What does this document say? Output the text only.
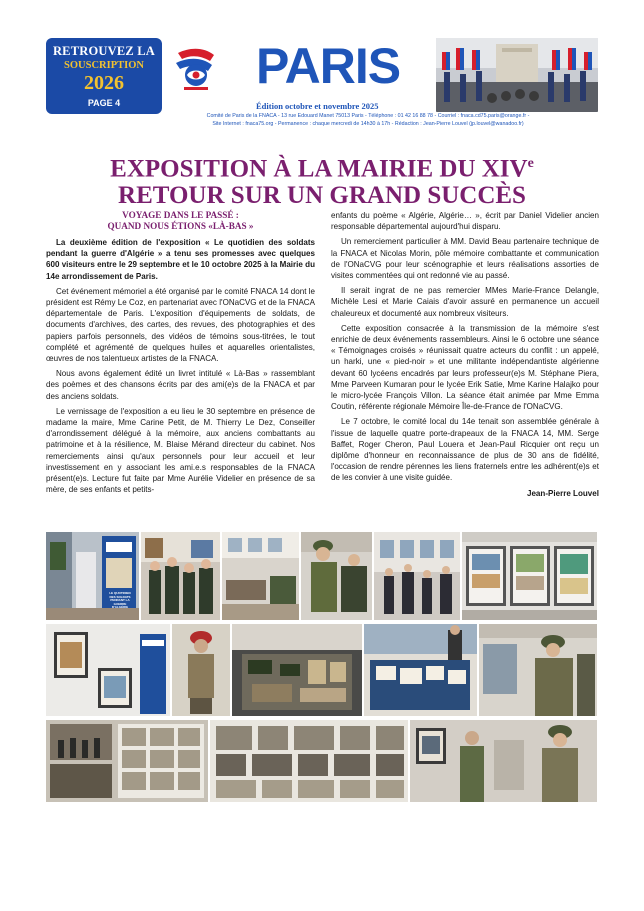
RETROUVEZ LA
SOUSCRIPTION
2026
PAGE 4
PARIS
Édition octobre et novembre 2025
Comité de Paris de la FNACA - 13 rue Edouard Manet 75013 Paris - Téléphone : 01 42 16 88 78 - Courriel : fnaca.cd75.paris@orange.fr -
Site Internet : fnaca75.org - Permanence : chaque mercredi de 14h30 à 17h - Rédaction : Jean-Pierre Louvel (jp.louvel@wanadoo.fr)
EXPOSITION À LA MAIRIE DU XIVe
RETOUR SUR UN GRAND SUCCÈS
VOYAGE DANS LE PASSÉ :
QUAND NOUS ÉTIONS «LÀ-BAS »

La deuxième édition de l'exposition « Le quotidien des soldats pendant la guerre d'Algérie » a tenu ses promesses avec quelques 600 visiteurs entre le 29 septembre et le 10 octobre 2025 à la Mairie du 14e arrondissement de Paris.

Cet événement mémoriel a été organisé par le comité FNACA 14 dont le président est Rémy Le Coz, en partenariat avec l'ONaCVG et de la FNACA départementale de Paris. L'exposition d'équipements de soldats, de documents d'archives, des cartes, des revues, des photographies et des papiers parfois personnels, des vidéos de témoins sous-titrées, le tout complété et agrémenté de quelques huiles et aquarelles orientalistes, œuvres de nos talentueux artistes de la FNACA.

Nous avons également édité un livret intitulé « Là-Bas » rassemblant des poèmes et des chansons écrits par des ami(e)s de la FNACA et par des anciens soldats.

Le vernissage de l'exposition a eu lieu le 30 septembre en présence de madame la maire, Mme Carine Petit, de M. Thierry Le Dez, Conseiller d'arrondissement délégué à la mémoire, aux anciens combattants au patrimoine et à la résilience, M. Blaise Mérand directeur du cabinet. Nos remerciements ainsi qu'aux personnels pour leur accueil et leur investissement en y associant les ami.e.s responsables de la FNACA présent(e)s. Lecture fut faite par Mme Aurélie Videlier en présence de sa mère, de ses enfants et petits-

enfants du poème « Algérie, Algérie… », écrit par Daniel Videlier ancien responsable départemental aujourd'hui disparu.

Un remerciement particulier à MM. David Beau partenaire technique de la FNACA et Nicolas Morin, pôle mémoire combattante et communication de l'ONaCVG pour leur scénographie et leurs réalisations assorties de visites commentées qui ont redonné vie au passé.

Il serait ingrat de ne pas remercier MMes Marie-France Delangle, Michèle Lesi et Marie Caiais d'avoir assuré en permanence un accueil chaleureux et documenté aux nombreux visiteurs.

Cette exposition consacrée à la transmission de la mémoire s'est enrichie de deux événements rassembleurs. Ainsi le 6 octobre une séance « Témoignages croisés » réunissait quatre acteurs du conflit : un appelé, un harki, une « pied-noir » et une militante indépendantiste algérienne devant 60 lycéens encadrés par leurs professeur(e)s M. Stéphane Piera, Mme Parveen Kumaran pour le lycée Erik Satie, Mme Karine Halajko pour le micro-lycée François Villon. La séance était animée par Mme Emma Coutin, référente régionale Mémoire Île-de-France de l'ONaCVG.

Le 7 octobre, le comité local du 14e tenait son assemblée générale à l'issue de laquelle quatre porte-drapeaux de la FNACA 14, MM. Serge Baffet, Roger Cheron, Paul Louera et Jean-Paul Ricquier ont reçu un diplôme d'honneur en reconnaissance de plus de 30 ans de fidélité, l'occasion de rendre pérennes les liens fraternels entre les adhérent(e)s et de les convier à une visite guidée.

Jean-Pierre Louvel
LE QUOTIDIEN DES SOLDATS PENDANT LA GUERRE D'ALGÉRIE
